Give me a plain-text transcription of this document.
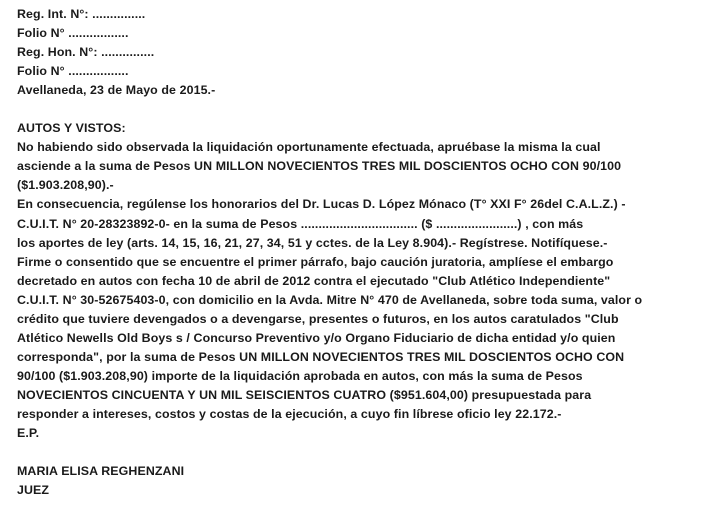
Reg. Int. N°: ...............
Folio N° .................
Reg. Hon. N°: ...............
Folio N° .................
Avellaneda, 23 de Mayo de 2015.-
AUTOS Y VISTOS:
No habiendo sido observada la liquidación oportunamente efectuada, apruébase la misma la cual
asciende a la suma de Pesos UN MILLON NOVECIENTOS TRES MIL DOSCIENTOS OCHO CON 90/100
($1.903.208,90).-
En consecuencia, regúlense los honorarios del Dr. Lucas D. López Mónaco (T° XXI F° 26del C.A.L.Z.) -
C.U.I.T. N° 20-28323892-0- en la suma de Pesos ................................. ($ .......................) , con más
los aportes de ley (arts. 14, 15, 16, 21, 27, 34, 51 y cctes. de la Ley 8.904).- Regístrese. Notifíquese.-
Firme o consentido que se encuentre el primer párrafo, bajo caución juratoria, amplíese el embargo
decretado en autos con fecha 10 de abril de 2012 contra el ejecutado "Club Atlético Independiente"
C.U.I.T. N° 30-52675403-0, con domicilio en la Avda. Mitre N° 470 de Avellaneda, sobre toda suma, valor o
crédito que tuviere devengados o a devengarse, presentes o futuros, en los autos caratulados "Club
Atlético Newells Old Boys s / Concurso Preventivo y/o Organo Fiduciario de dicha entidad y/o quien
corresponda", por la suma de Pesos UN MILLON NOVECIENTOS TRES MIL DOSCIENTOS OCHO CON
90/100 ($1.903.208,90) importe de la liquidación aprobada en autos, con más la suma de Pesos
NOVECIENTOS CINCUENTA Y UN MIL SEISCIENTOS CUATRO ($951.604,00) presupuestada para
responder a intereses, costos y costas de la ejecución, a cuyo fin líbrese oficio ley 22.172.-
E.P.
MARIA ELISA REGHENZANI
JUEZ
